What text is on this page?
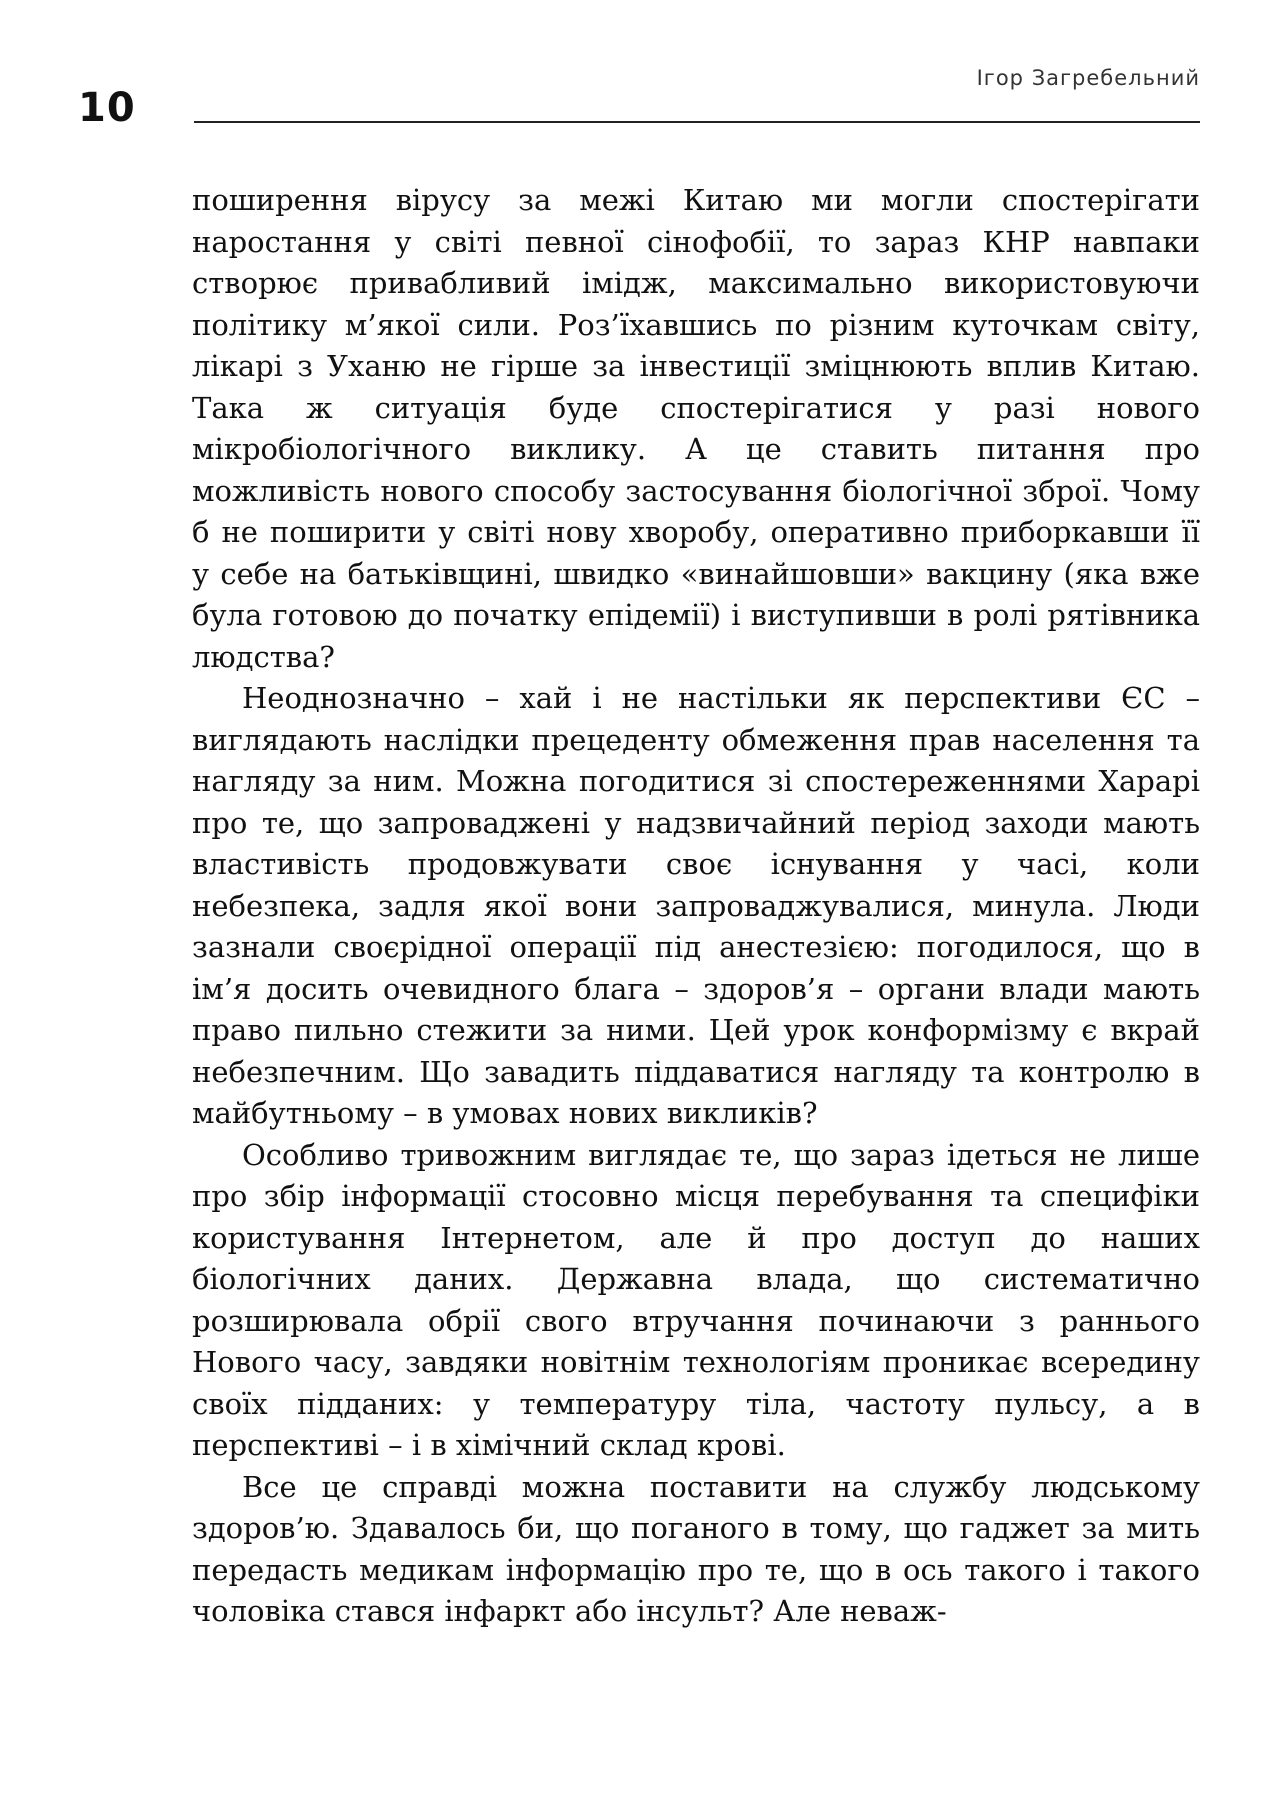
10
Ігор Загребельний

поширення вірусу за межі Китаю ми могли спостерігати наростання у світі певної сінофобії, то зараз КНР навпаки створює привабливий імідж, максимально використовуючи політику м’якої сили. Роз’їхавшись по різним куточкам світу, лікарі з Уханю не гірше за інвестиції зміцнюють вплив Китаю. Така ж ситуація буде спостерігатися у разі нового мікробіологічного виклику. А це ставить питання про можливість нового способу застосування біологічної зброї. Чому б не поширити у світі нову хворобу, оперативно приборкавши її у себе на батьківщині, швидко «винайшовши» вакцину (яка вже була готовою до початку епідемії) і виступивши в ролі рятівника людства?

Неоднозначно – хай і не настільки як перспективи ЄС – виглядають наслідки прецеденту обмеження прав населення та нагляду за ним. Можна погодитися зі спостереженнями Харарі про те, що запроваджені у надзвичайний період заходи мають властивість продовжувати своє існування у часі, коли небезпека, задля якої вони запроваджувалися, минула. Люди зазнали своєрідної операції під анестезією: погодилося, що в ім’я досить очевидного блага – здоров’я – органи влади мають право пильно стежити за ними. Цей урок конформізму є вкрай небезпечним. Що завадить піддаватися нагляду та контролю в майбутньому – в умовах нових викликів?

Особливо тривожним виглядає те, що зараз ідеться не лише про збір інформації стосовно місця перебування та специфіки користування Інтернетом, але й про доступ до наших біологічних даних. Державна влада, що систематично розширювала обрії свого втручання починаючи з раннього Нового часу, завдяки новітнім технологіям проникає всередину своїх підданих: у температуру тіла, частоту пульсу, а в перспективі – і в хімічний склад крові.

Все це справді можна поставити на службу людському здоров’ю. Здавалось би, що поганого в тому, що гаджет за мить передасть медикам інформацію про те, що в ось такого і такого чоловіка стався інфаркт або інсульт? Але неваж-
